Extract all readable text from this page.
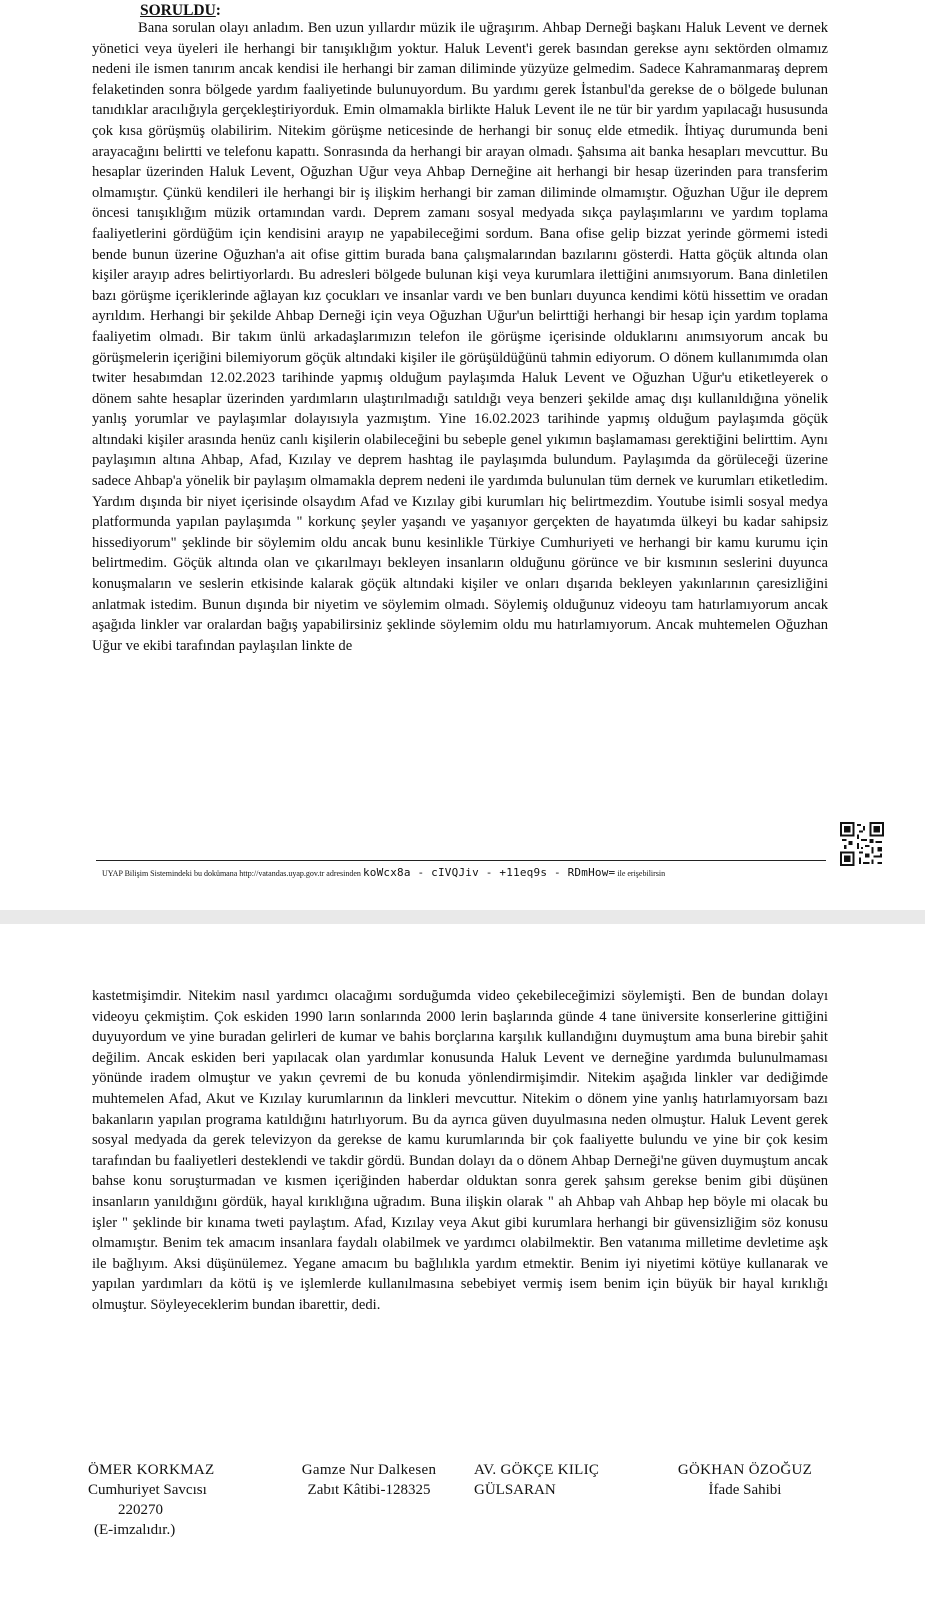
SORULDU:

Bana sorulan olayı anladım. Ben uzun yıllardır müzik ile uğraşırım. Ahbap Derneği başkanı Haluk Levent ve dernek yönetici veya üyeleri ile herhangi bir tanışıklığım yoktur. Haluk Levent'i gerek basından gerekse aynı sektörden olmamız nedeni ile ismen tanırım ancak kendisi ile herhangi bir zaman diliminde yüzyüze gelmedim. Sadece Kahramanmaraş deprem felaketinden sonra bölgede yardım faaliyetinde bulunuyordum. Bu yardımı gerek İstanbul'da gerekse de o bölgede bulunan tanıdıklar aracılığıyla gerçekleştiriyorduk. Emin olmamakla birlikte Haluk Levent ile ne tür bir yardım yapılacağı hususunda çok kısa görüşmüş olabilirim. Nitekim görüşme neticesinde de herhangi bir sonuç elde etmedik. İhtiyaç durumunda beni arayacağını belirtti ve telefonu kapattı. Sonrasında da herhangi bir arayan olmadı. Şahsıma ait banka hesapları mevcuttur. Bu hesaplar üzerinden Haluk Levent, Oğuzhan Uğur veya Ahbap Derneğine ait herhangi bir hesap üzerinden para transferim olmamıştır. Çünkü kendileri ile herhangi bir iş ilişkim herhangi bir zaman diliminde olmamıştır. Oğuzhan Uğur ile deprem öncesi tanışıklığım müzik ortamından vardı. Deprem zamanı sosyal medyada sıkça paylaşımlarını ve yardım toplama faaliyetlerini gördüğüm için kendisini arayıp ne yapabileceğimi sordum. Bana ofise gelip bizzat yerinde görmemi istedi bende bunun üzerine Oğuzhan'a ait ofise gittim burada bana çalışmalarından bazılarını gösterdi. Hatta göçük altında olan kişiler arayıp adres belirtiyorlardı. Bu adresleri bölgede bulunan kişi veya kurumlara ilettiğini anımsıyorum. Bana dinletilen bazı görüşme içeriklerinde ağlayan kız çocukları ve insanlar vardı ve ben bunları duyunca kendimi kötü hissettim ve oradan ayrıldım. Herhangi bir şekilde Ahbap Derneği için veya Oğuzhan Uğur'un belirttiği herhangi bir hesap için yardım toplama faaliyetim olmadı. Bir takım ünlü arkadaşlarımızın telefon ile görüşme içerisinde olduklarını anımsıyorum ancak bu görüşmelerin içeriğini bilemiyorum göçük altındaki kişiler ile görüşüldüğünü tahmin ediyorum. O dönem kullanımımda olan twiter hesabımdan 12.02.2023 tarihinde yapmış olduğum paylaşımda Haluk Levent ve Oğuzhan Uğur'u etiketleyerek o dönem sahte hesaplar üzerinden yardımların ulaştırılmadığı satıldığı veya benzeri şekilde amaç dışı kullanıldığına yönelik yanlış yorumlar ve paylaşımlar dolayısıyla yazmıştım. Yine 16.02.2023 tarihinde yapmış olduğum paylaşımda göçük altındaki kişiler arasında henüz canlı kişilerin olabileceğini bu sebeple genel yıkımın başlamaması gerektiğini belirttim. Aynı paylaşımın altına Ahbap, Afad, Kızılay ve deprem hashtag ile paylaşımda bulundum. Paylaşımda da görüleceği üzerine sadece Ahbap'a yönelik bir paylaşım olmamakla deprem nedeni ile yardımda bulunulan tüm dernek ve kurumları etiketledim. Yardım dışında bir niyet içerisinde olsaydım Afad ve Kızılay gibi kurumları hiç belirtmezdim. Youtube isimli sosyal medya platformunda yapılan paylaşımda " korkunç şeyler yaşandı ve yaşanıyor gerçekten de hayatımda ülkeyi bu kadar sahipsiz hissediyorum" şeklinde bir söylemim oldu ancak bunu kesinlikle Türkiye Cumhuriyeti ve herhangi bir kamu kurumu için belirtmedim. Göçük altında olan ve çıkarılmayı bekleyen insanların olduğunu görünce ve bir kısmının seslerini duyunca konuşmaların ve seslerin etkisinde kalarak göçük altındaki kişiler ve onları dışarıda bekleyen yakınlarının çaresizliğini anlatmak istedim. Bunun dışında bir niyetim ve söylemim olmadı. Söylemiş olduğunuz videoyu tam hatırlamıyorum ancak aşağıda linkler var oralardan bağış yapabilirsiniz şeklinde söylemim oldu mu hatırlamıyorum. Ancak muhtemelen Oğuzhan Uğur ve ekibi tarafından paylaşılan linkte de

UYAP Bilişim Sistemindeki bu dokümana http://vatandas.uyap.gov.tr adresinden koWcx8a - cIVQJiv - +11eq9s - RDmHow= ile erişebilirsin

kastetmişimdir. Nitekim nasıl yardımcı olacağımı sorduğumda video çekebileceğimizi söylemişti. Ben de bundan dolayı videoyu çekmiştim. Çok eskiden 1990 ların sonlarında 2000 lerin başlarında günde 4 tane üniversite konserlerine gittiğini duyuyordum ve yine buradan gelirleri de kumar ve bahis borçlarına karşılık kullandığını duymuştum ama buna birebir şahit değilim. Ancak eskiden beri yapılacak olan yardımlar konusunda Haluk Levent ve derneğine yardımda bulunulmaması yönünde iradem olmuştur ve yakın çevremi de bu konuda yönlendirmişimdir. Nitekim aşağıda linkler var dediğimde muhtemelen Afad, Akut ve Kızılay kurumlarının da linkleri mevcuttur. Nitekim o dönem yine yanlış hatırlamıyorsam bazı bakanların yapılan programa katıldığını hatırlıyorum. Bu da ayrıca güven duyulmasına neden olmuştur. Haluk Levent gerek sosyal medyada da gerek televizyon da gerekse de kamu kurumlarında bir çok faaliyette bulundu ve yine bir çok kesim tarafından bu faaliyetleri desteklendi ve takdir gördü. Bundan dolayı da o dönem Ahbap Derneği'ne güven duymuştum ancak bahse konu soruşturmadan ve kısmen içeriğinden haberdar olduktan sonra gerek şahsım gerekse benim gibi düşünen insanların yanıldığını gördük, hayal kırıklığına uğradım. Buna ilişkin olarak " ah Ahbap vah Ahbap hep böyle mi olacak bu işler " şeklinde bir kınama tweti paylaştım. Afad, Kızılay veya Akut gibi kurumlara herhangi bir güvensizliğim söz konusu olmamıştır. Benim tek amacım insanlara faydalı olabilmek ve yardımcı olabilmektir. Ben vatanıma milletime devletime aşk ile bağlıyım. Aksi düşünülemez. Yegane amacım bu bağlılıkla yardım etmektir. Benim iyi niyetimi kötüye kullanarak ve yapılan yardımları da kötü iş ve işlemlerde kullanılmasına sebebiyet vermiş isem benim için büyük bir hayal kırıklığı olmuştur. Söyleyeceklerim bundan ibarettir, dedi.

ÖMER KORKMAZ
Cumhuriyet Savcısı
220270
(E-imzalıdır.)
Gamze Nur Dalkesen
Zabıt Kâtibi-128325
AV. GÖKÇE KILIÇ
GÜLSARAN
GÖKHAN ÖZOĞUZ
İfade Sahibi
